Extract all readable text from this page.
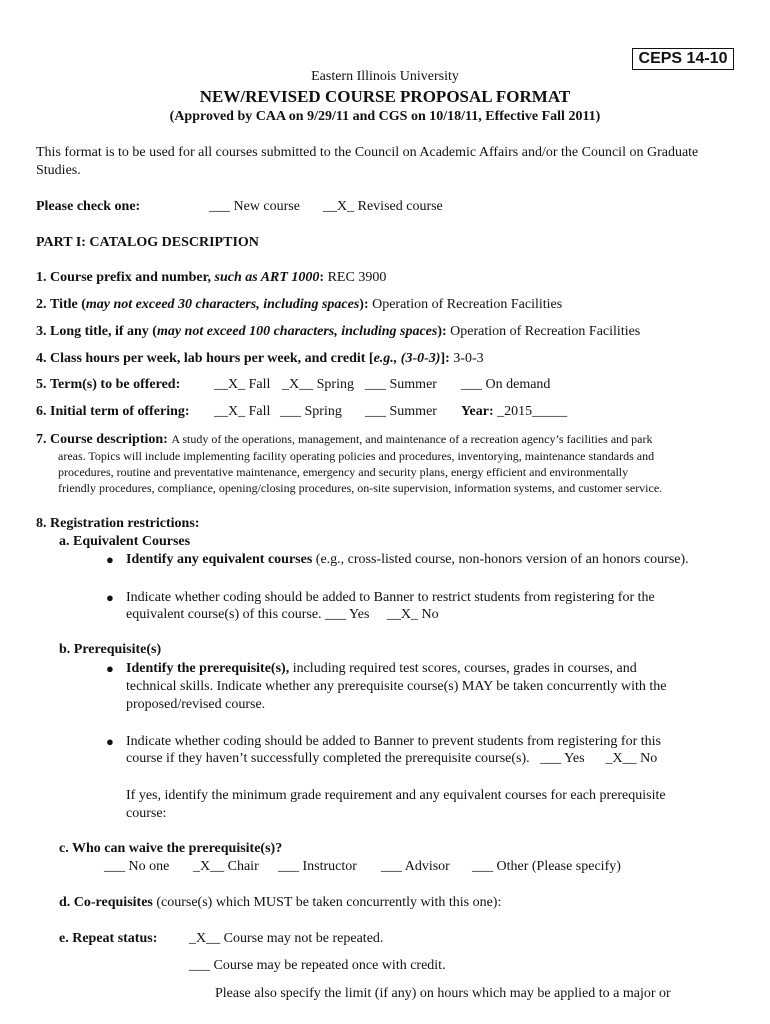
CEPS 14-10
Eastern Illinois University
NEW/REVISED COURSE PROPOSAL FORMAT
(Approved by CAA on 9/29/11 and CGS on 10/18/11, Effective Fall 2011)
This format is to be used for all courses submitted to the Council on Academic Affairs and/or the Council on Graduate Studies.
Please check one:	___ New course __X_ Revised course
PART I: CATALOG DESCRIPTION
1. Course prefix and number, such as ART 1000: REC 3900
2. Title (may not exceed 30 characters, including spaces): Operation of Recreation Facilities
3. Long title, if any (may not exceed 100 characters, including spaces): Operation of Recreation Facilities
4. Class hours per week, lab hours per week, and credit [e.g., (3-0-3)]: 3-0-3
5. Term(s) to be offered: __X_ Fall _X__ Spring ___ Summer ___ On demand
6. Initial term of offering: __X_ Fall ___ Spring ___ Summer Year: _2015_____
7. Course description: A study of the operations, management, and maintenance of a recreation agency’s facilities and park
areas. Topics will include implementing facility operating policies and procedures, inventorying, maintenance standards and
procedures, routine and preventative maintenance, emergency and security plans, energy efficient and environmentally
friendly procedures, compliance, opening/closing procedures, on-site supervision, information systems, and customer service.
8. Registration restrictions:
a. Equivalent Courses
● Identify any equivalent courses (e.g., cross-listed course, non-honors version of an honors course).
● Indicate whether coding should be added to Banner to restrict students from registering for the
equivalent course(s) of this course. ___ Yes __X_ No
b. Prerequisite(s)
● Identify the prerequisite(s), including required test scores, courses, grades in courses, and
technical skills. Indicate whether any prerequisite course(s) MAY be taken concurrently with the
proposed/revised course.
● Indicate whether coding should be added to Banner to prevent students from registering for this
course if they haven’t successfully completed the prerequisite course(s). ___ Yes _X__ No
If yes, identify the minimum grade requirement and any equivalent courses for each prerequisite
course:
c. Who can waive the prerequisite(s)?
___ No one _X__ Chair ___ Instructor ___ Advisor ___ Other (Please specify)
d. Co-requisites (course(s) which MUST be taken concurrently with this one):
e. Repeat status: _X__ Course may not be repeated.
___ Course may be repeated once with credit.
Please also specify the limit (if any) on hours which may be applied to a major or
